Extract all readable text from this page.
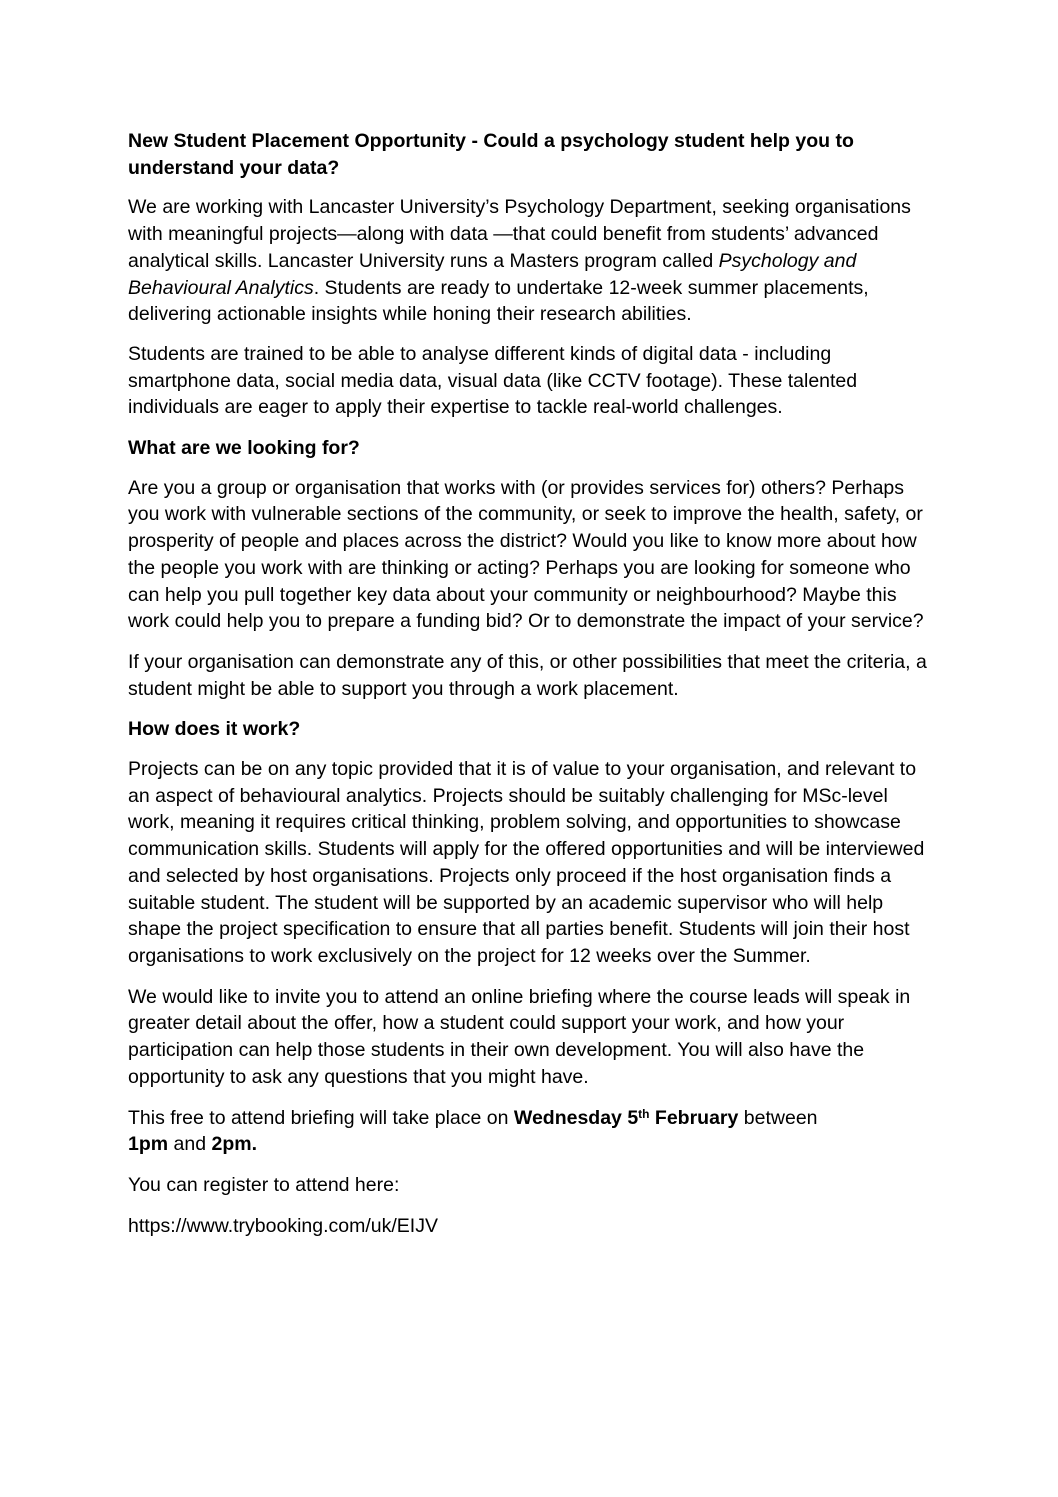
New Student Placement Opportunity - Could a psychology student help you to understand your data?

We are working with Lancaster University’s Psychology Department, seeking organisations with meaningful projects—along with data —that could benefit from students’ advanced analytical skills. Lancaster University runs a Masters program called Psychology and Behavioural Analytics. Students are ready to undertake 12-week summer placements, delivering actionable insights while honing their research abilities.

Students are trained to be able to analyse different kinds of digital data - including smartphone data, social media data, visual data (like CCTV footage). These talented individuals are eager to apply their expertise to tackle real-world challenges.

What are we looking for?

Are you a group or organisation that works with (or provides services for) others? Perhaps you work with vulnerable sections of the community, or seek to improve the health, safety, or prosperity of people and places across the district? Would you like to know more about how the people you work with are thinking or acting? Perhaps you are looking for someone who can help you pull together key data about your community or neighbourhood? Maybe this work could help you to prepare a funding bid? Or to demonstrate the impact of your service?

If your organisation can demonstrate any of this, or other possibilities that meet the criteria, a student might be able to support you through a work placement.

How does it work?

Projects can be on any topic provided that it is of value to your organisation, and relevant to an aspect of behavioural analytics. Projects should be suitably challenging for MSc-level work, meaning it requires critical thinking, problem solving, and opportunities to showcase communication skills. Students will apply for the offered opportunities and will be interviewed and selected by host organisations. Projects only proceed if the host organisation finds a suitable student. The student will be supported by an academic supervisor who will help shape the project specification to ensure that all parties benefit. Students will join their host organisations to work exclusively on the project for 12 weeks over the Summer.

We would like to invite you to attend an online briefing where the course leads will speak in greater detail about the offer, how a student could support your work, and how your participation can help those students in their own development. You will also have the opportunity to ask any questions that you might have.

This free to attend briefing will take place on Wednesday 5th February between
1pm and 2pm.

You can register to attend here:

https://www.trybooking.com/uk/EIJV
